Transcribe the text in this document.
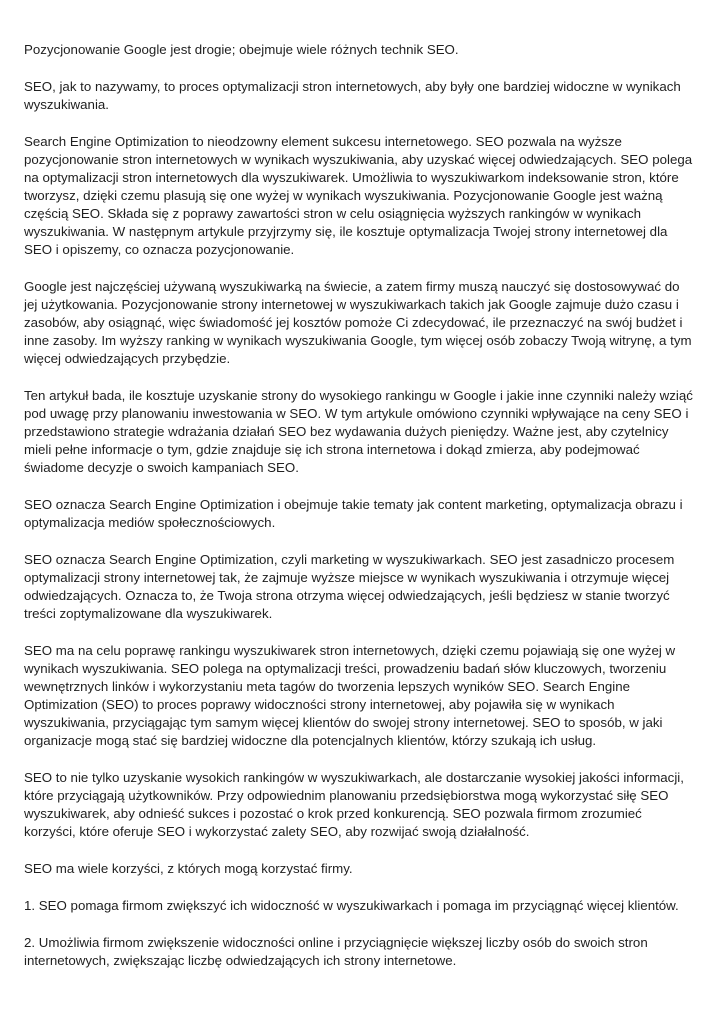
Pozycjonowanie Google jest drogie; obejmuje wiele różnych technik SEO.

SEO, jak to nazywamy, to proces optymalizacji stron internetowych, aby były one bardziej widoczne w wynikach wyszukiwania.

Search Engine Optimization to nieodzowny element sukcesu internetowego. SEO pozwala na wyższe pozycjonowanie stron internetowych w wynikach wyszukiwania, aby uzyskać więcej odwiedzających. SEO polega na optymalizacji stron internetowych dla wyszukiwarek. Umożliwia to wyszukiwarkom indeksowanie stron, które tworzysz, dzięki czemu plasują się one wyżej w wynikach wyszukiwania. Pozycjonowanie Google jest ważną częścią SEO. Składa się z poprawy zawartości stron w celu osiągnięcia wyższych rankingów w wynikach wyszukiwania. W następnym artykule przyjrzymy się, ile kosztuje optymalizacja Twojej strony internetowej dla SEO i opiszemy, co oznacza pozycjonowanie.

Google jest najczęściej używaną wyszukiwarką na świecie, a zatem firmy muszą nauczyć się dostosowywać do jej użytkowania. Pozycjonowanie strony internetowej w wyszukiwarkach takich jak Google zajmuje dużo czasu i zasobów, aby osiągnąć, więc świadomość jej kosztów pomoże Ci zdecydować, ile przeznaczyć na swój budżet i inne zasoby. Im wyższy ranking w wynikach wyszukiwania Google, tym więcej osób zobaczy Twoją witrynę, a tym więcej odwiedzających przybędzie.

Ten artykuł bada, ile kosztuje uzyskanie strony do wysokiego rankingu w Google i jakie inne czynniki należy wziąć pod uwagę przy planowaniu inwestowania w SEO. W tym artykule omówiono czynniki wpływające na ceny SEO i przedstawiono strategie wdrażania działań SEO bez wydawania dużych pieniędzy. Ważne jest, aby czytelnicy mieli pełne informacje o tym, gdzie znajduje się ich strona internetowa i dokąd zmierza, aby podejmować świadome decyzje o swoich kampaniach SEO.

SEO oznacza Search Engine Optimization i obejmuje takie tematy jak content marketing, optymalizacja obrazu i optymalizacja mediów społecznościowych.

SEO oznacza Search Engine Optimization, czyli marketing w wyszukiwarkach. SEO jest zasadniczo procesem optymalizacji strony internetowej tak, że zajmuje wyższe miejsce w wynikach wyszukiwania i otrzymuje więcej odwiedzających. Oznacza to, że Twoja strona otrzyma więcej odwiedzających, jeśli będziesz w stanie tworzyć treści zoptymalizowane dla wyszukiwarek.

SEO ma na celu poprawę rankingu wyszukiwarek stron internetowych, dzięki czemu pojawiają się one wyżej w wynikach wyszukiwania. SEO polega na optymalizacji treści, prowadzeniu badań słów kluczowych, tworzeniu wewnętrznych linków i wykorzystaniu meta tagów do tworzenia lepszych wyników SEO. Search Engine Optimization (SEO) to proces poprawy widoczności strony internetowej, aby pojawiła się w wynikach wyszukiwania, przyciągając tym samym więcej klientów do swojej strony internetowej. SEO to sposób, w jaki organizacje mogą stać się bardziej widoczne dla potencjalnych klientów, którzy szukają ich usług.

SEO to nie tylko uzyskanie wysokich rankingów w wyszukiwarkach, ale dostarczanie wysokiej jakości informacji, które przyciągają użytkowników. Przy odpowiednim planowaniu przedsiębiorstwa mogą wykorzystać siłę SEO wyszukiwarek, aby odnieść sukces i pozostać o krok przed konkurencją. SEO pozwala firmom zrozumieć korzyści, które oferuje SEO i wykorzystać zalety SEO, aby rozwijać swoją działalność.

SEO ma wiele korzyści, z których mogą korzystać firmy.

1. SEO pomaga firmom zwiększyć ich widoczność w wyszukiwarkach i pomaga im przyciągnąć więcej klientów.

2. Umożliwia firmom zwiększenie widoczności online i przyciągnięcie większej liczby osób do swoich stron internetowych, zwiększając liczbę odwiedzających ich strony internetowe.
